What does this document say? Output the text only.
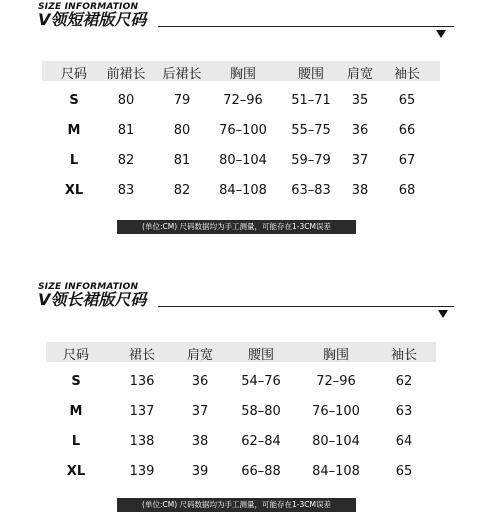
SIZE INFORMATION
V领短裙版尺码
尺码 前裙长 后裙长 胸围	腰围 肩宽 袖长
S	80	79	72–96 51–71 35 65
M	81	80 76–100 55–75 36 66
L	82	81 80–104 59–79 37 67
XL	83	82 84–108 63–83 38 68
(单位:CM) 尺码数据均为手工测量，可能存在1-3CM误差
SIZE INFORMATION
V领长裙版尺码
尺码	裙长 肩宽	腰围	胸围	袖长
S	136	36	54–76	72–96	62
M	137	37	58–80 76–100	63
L	138	38	62–84 80–104	64
XL	139	39	66–88 84–108	65
(单位:CM) 尺码数据均为手工测量，可能存在1-3CM误差
